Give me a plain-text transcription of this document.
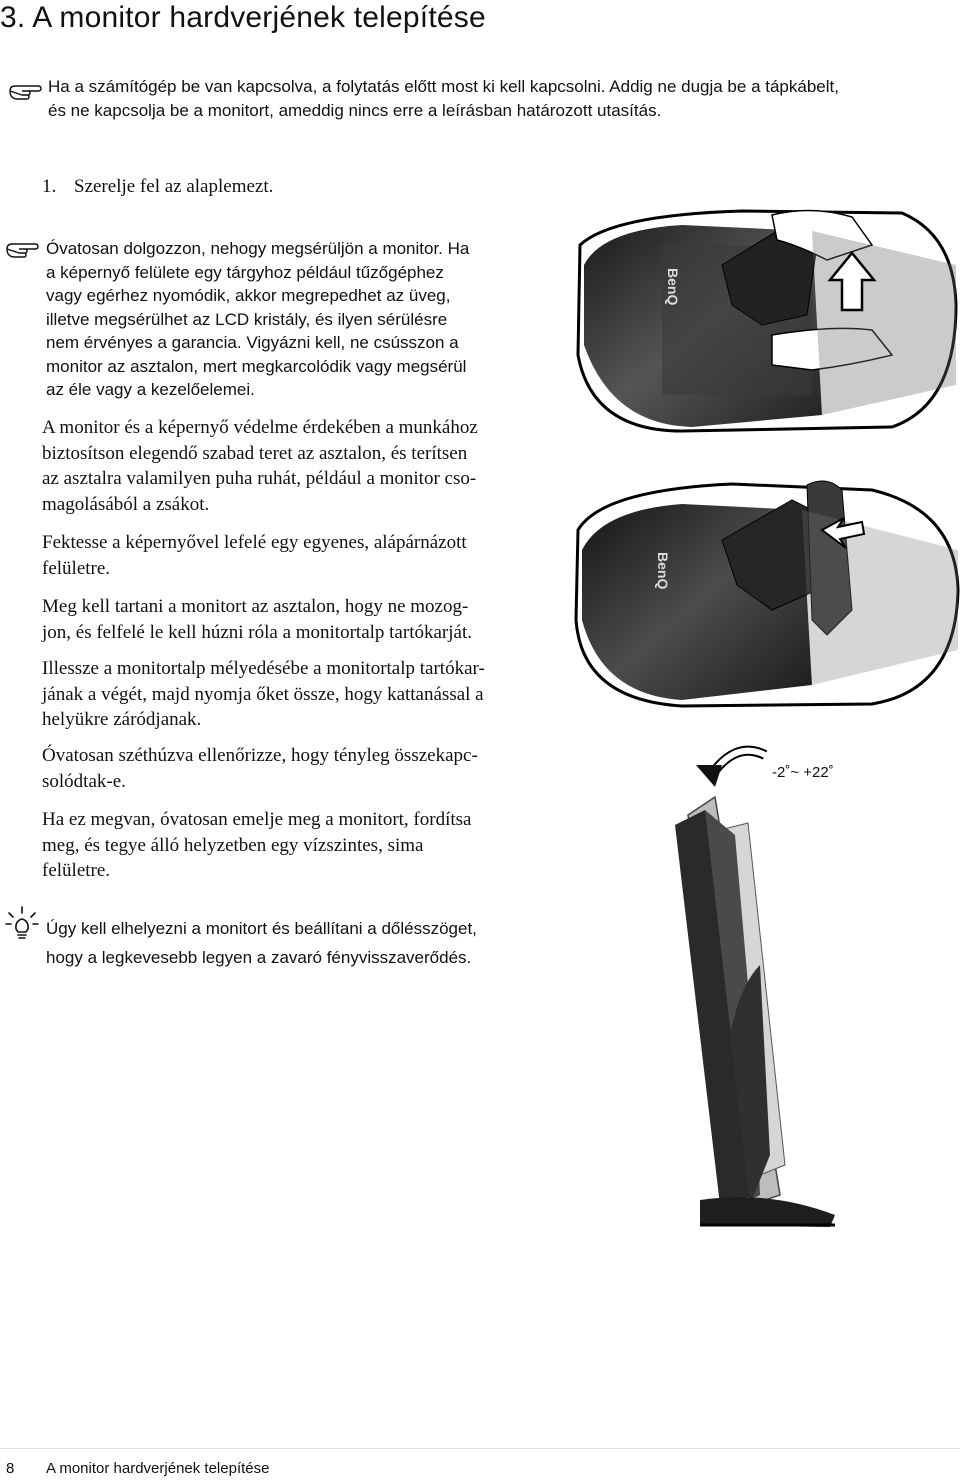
3. A monitor hardverjének telepítése
Ha a számítógép be van kapcsolva, a folytatás előtt most ki kell kapcsolni. Addig ne dugja be a tápkábelt,
és ne kapcsolja be a monitort, ameddig nincs erre a leírásban határozott utasítás.
1. Szerelje fel az alaplemezt.
Óvatosan dolgozzon, nehogy megsérüljön a monitor. Ha
a képernyő felülete egy tárgyhoz például tűzőgéphez
vagy egérhez nyomódik, akkor megrepedhet az üveg,
illetve megsérülhet az LCD kristály, és ilyen sérülésre
nem érvényes a garancia. Vigyázni kell, ne csússzon a
monitor az asztalon, mert megkarcolódik vagy megsérül
az éle vagy a kezelőelemei.
A monitor és a képernyő védelme érdekében a munkához
biztosítson elegendő szabad teret az asztalon, és terítsen
az asztalra valamilyen puha ruhát, például a monitor cso-
magolásából a zsákot.
Fektesse a képernyővel lefelé egy egyenes, alápárnázott
felületre.
Meg kell tartani a monitort az asztalon, hogy ne mozog-
jon, és felfelé le kell húzni róla a monitortalp tartókarját.
Illessze a monitortalp mélyedésébe a monitortalp tartókar-
jának a végét, majd nyomja őket össze, hogy kattanással a
helyükre záródjanak.
Óvatosan széthúzva ellenőrizze, hogy tényleg összekapc-
solódtak-e.
Ha ez megvan, óvatosan emelje meg a monitort, fordítsa
meg, és tegye álló helyzetben egy vízszintes, sima
felületre.
Úgy kell elhelyezni a monitort és beállítani a dőlésszöget,
hogy a legkevesebb legyen a zavaró fényvisszaverődés.
BenQ
BenQ
-2˚~ +22˚
8 A monitor hardverjének telepítése
